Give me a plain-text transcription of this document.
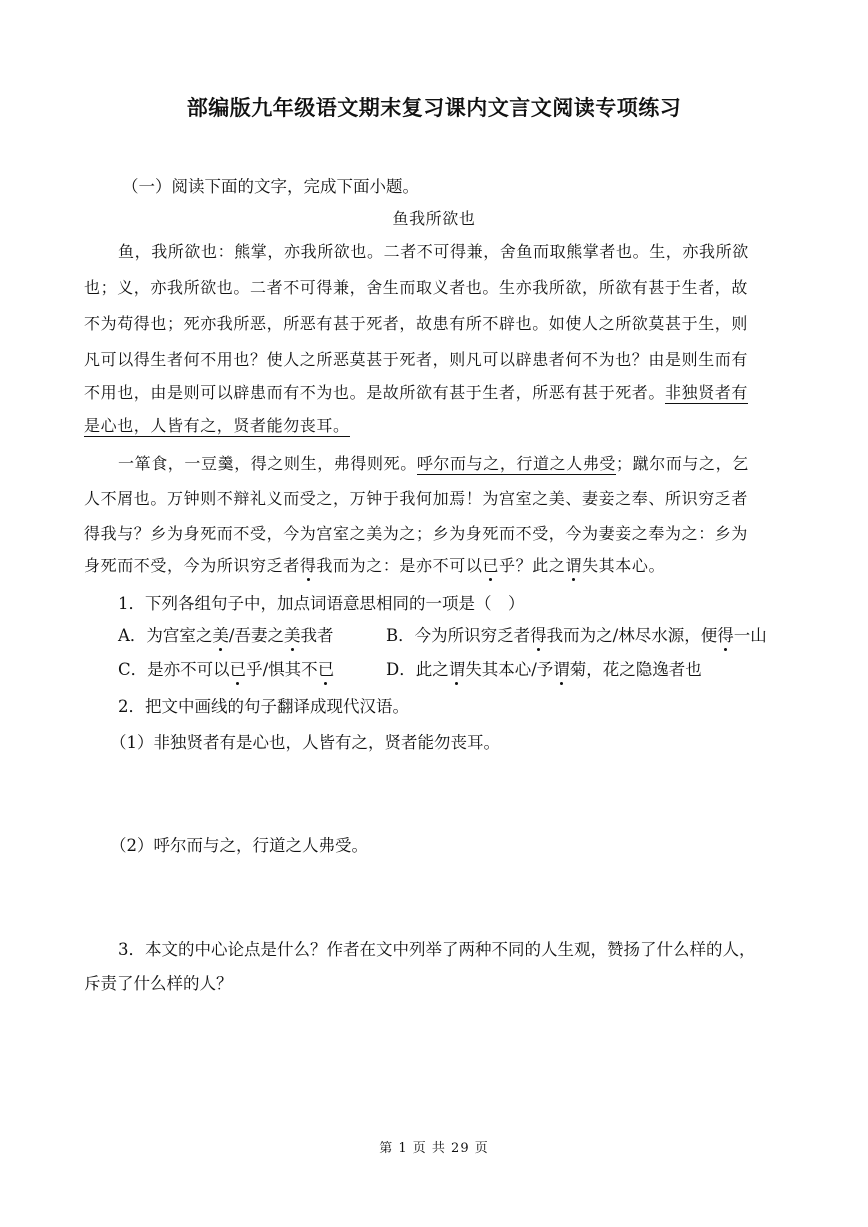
部编版九年级语文期末复习课内文言文阅读专项练习
（一）阅读下面的文字，完成下面小题。
鱼我所欲也
鱼，我所欲也：熊掌，亦我所欲也。二者不可得兼，舍鱼而取熊掌者也。生，亦我所欲
也；义，亦我所欲也。二者不可得兼，舍生而取义者也。生亦我所欲，所欲有甚于生者，故
不为苟得也；死亦我所恶，所恶有甚于死者，故患有所不辟也。如使人之所欲莫甚于生，则
凡可以得生者何不用也？使人之所恶莫甚于死者，则凡可以辟患者何不为也？由是则生而有
不用也，由是则可以辟患而有不为也。是故所欲有甚于生者，所恶有甚于死者。非独贤者有
是心也，人皆有之，贤者能勿丧耳。
一箪食，一豆羹，得之则生，弗得则死。呼尔而与之，行道之人弗受；蹴尔而与之，乞
人不屑也。万钟则不辩礼义而受之，万钟于我何加焉！为宫室之美、妻妾之奉、所识穷乏者
得我与？乡为身死而不受，今为宫室之美为之；乡为身死而不受，今为妻妾之奉为之：乡为
身死而不受，今为所识穷乏者得我而为之：是亦不可以已乎？此之谓失其本心。
1．下列各组句子中，加点词语意思相同的一项是（　）
A．为宫室之美/吾妻之美我者	B．今为所识穷乏者得我而为之/林尽水源，便得一山
C．是亦不可以已乎/惧其不已	D．此之谓失其本心/予谓菊，花之隐逸者也
2．把文中画线的句子翻译成现代汉语。
（1）非独贤者有是心也，人皆有之，贤者能勿丧耳。
（2）呼尔而与之，行道之人弗受。
3．本文的中心论点是什么？作者在文中列举了两种不同的人生观，赞扬了什么样的人，
斥责了什么样的人？
第 1 页 共 29 页
